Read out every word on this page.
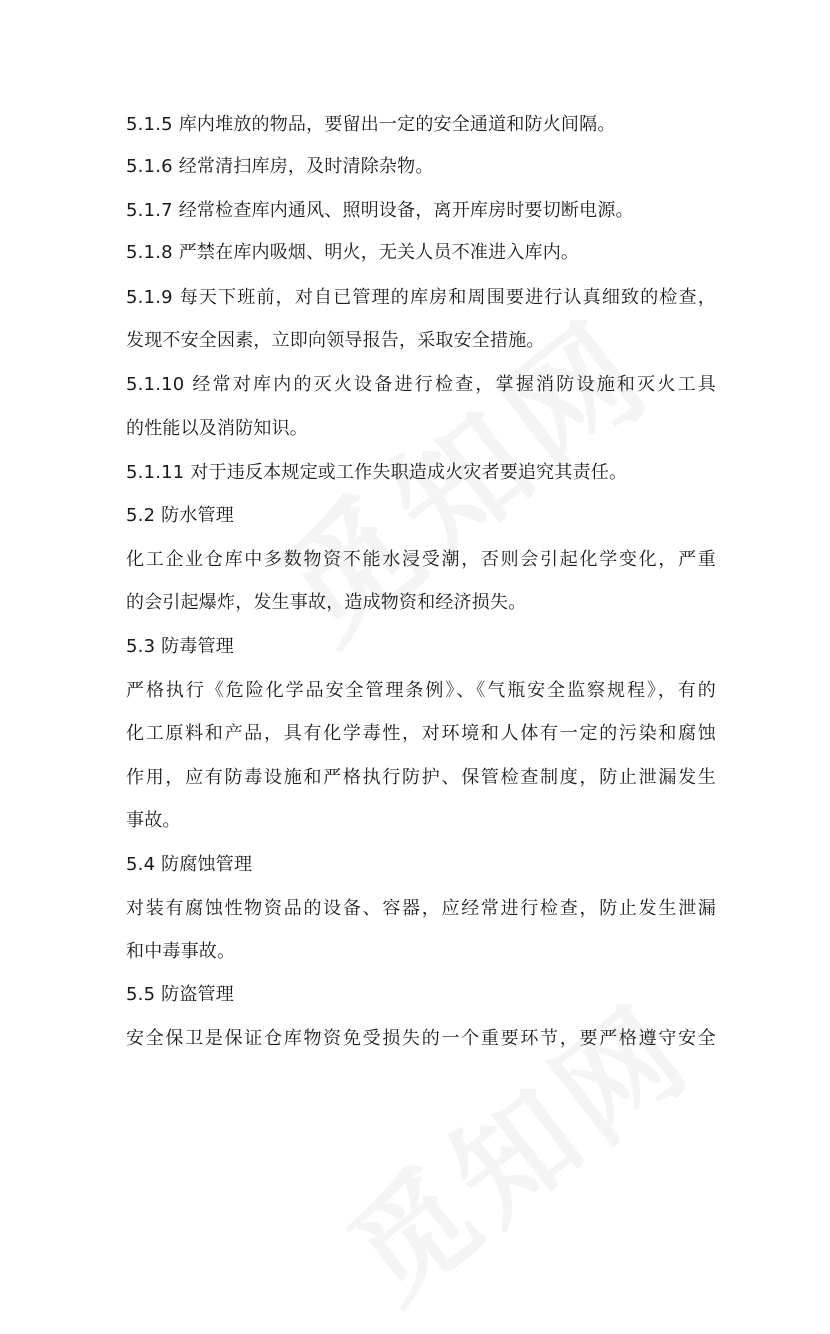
5.1.5 库内堆放的物品，要留出一定的安全通道和防火间隔。
5.1.6 经常清扫库房，及时清除杂物。
5.1.7 经常检查库内通风、照明设备，离开库房时要切断电源。
5.1.8 严禁在库内吸烟、明火，无关人员不准进入库内。
5.1.9 每天下班前，对自已管理的库房和周围要进行认真细致的检查，
发现不安全因素，立即向领导报告，采取安全措施。
5.1.10 经常对库内的灭火设备进行检查，掌握消防设施和灭火工具
的性能以及消防知识。
5.1.11 对于违反本规定或工作失职造成火灾者要追究其责任。
5.2 防水管理
化工企业仓库中多数物资不能水浸受潮，否则会引起化学变化，严重
的会引起爆炸，发生事故，造成物资和经济损失。
5.3 防毒管理
严格执行《危险化学品安全管理条例》、《气瓶安全监察规程》，有的
化工原料和产品，具有化学毒性，对环境和人体有一定的污染和腐蚀
作用，应有防毒设施和严格执行防护、保管检查制度，防止泄漏发生
事故。
5.4 防腐蚀管理
对装有腐蚀性物资品的设备、容器，应经常进行检查，防止发生泄漏
和中毒事故。
5.5 防盗管理
安全保卫是保证仓库物资免受损失的一个重要环节，要严格遵守安全
